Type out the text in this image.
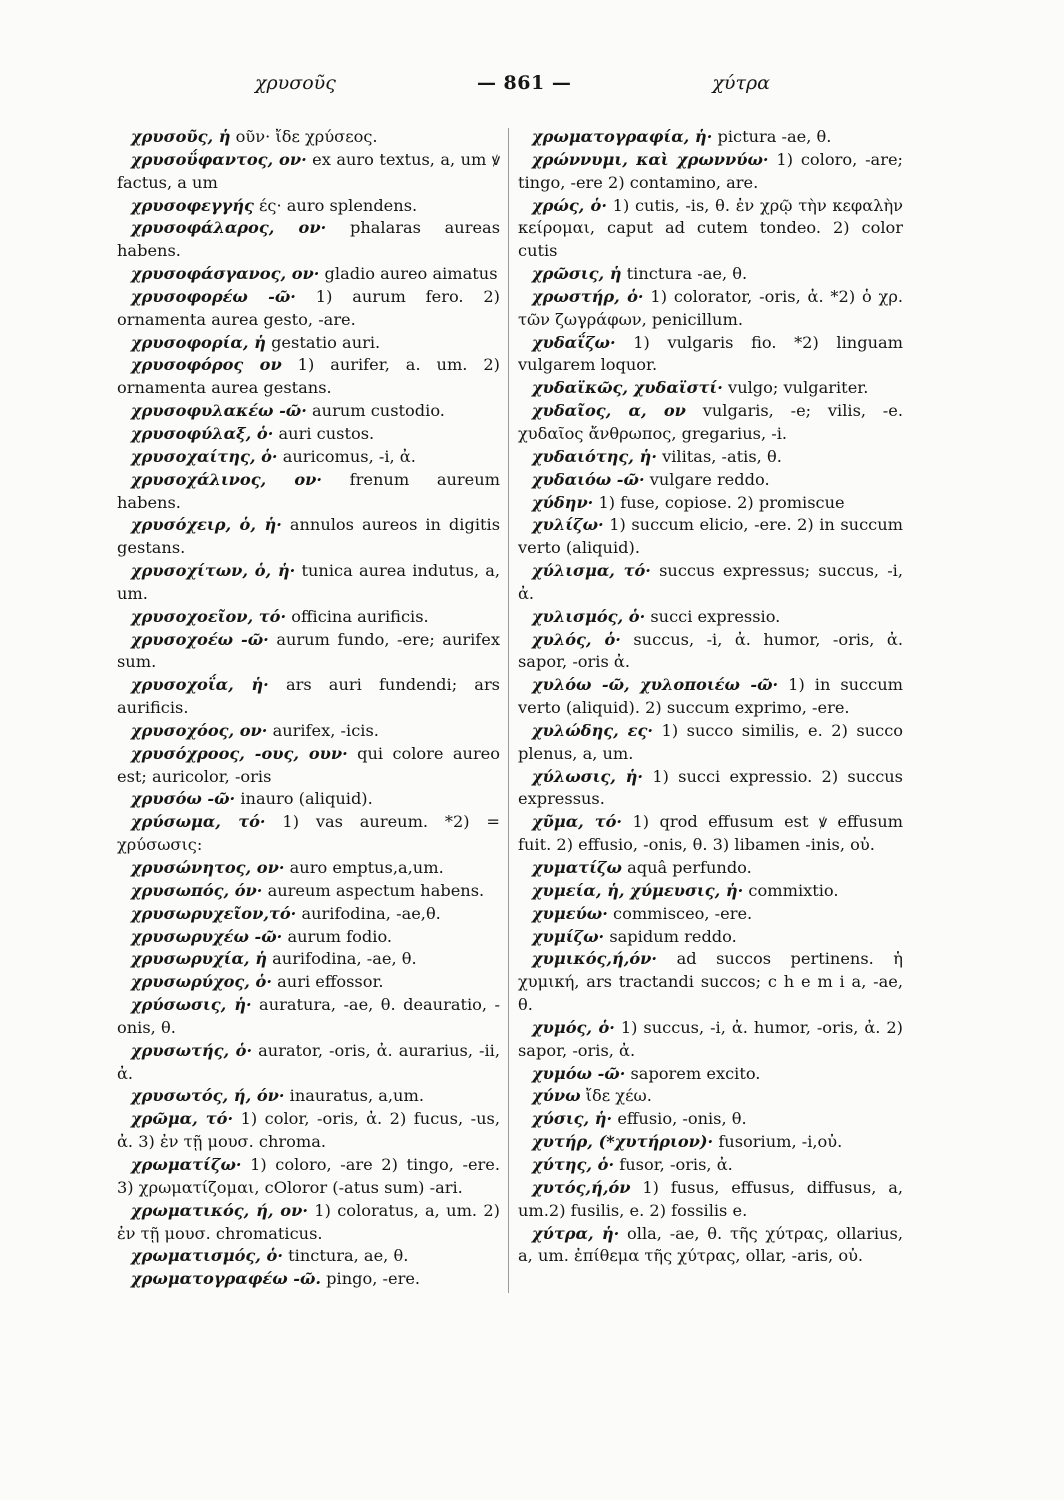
χρυσοῦς	— 861 —	χύτρα

χρυσοῦς, ἡ οῦν· ἴδε χρύσεος.

χρυσοΰφαντος, ον· ex auro textus, a, um ꝟ factus, a um

χρυσοφεγγής ές· auro splendens.

χρυσοφάλαρος, ον· phalaras aureas habens.

χρυσοφάσγανος, ον· gladio aureo aimatus

χρυσοφορέω -ῶ· 1) aurum fero. 2) ornamenta aurea gesto, -are.

χρυσοφορία, ἡ gestatio auri.

χρυσοφόρος ον 1) aurifer, a. um. 2) ornamenta aurea gestans.

χρυσοφυλακέω -ῶ· aurum custodio.

χρυσοφύλαξ, ὁ· auri custos.

χρυσοχαίτης, ὁ· auricomus, -i, ἀ.

χρυσοχάλινος, ον· frenum aureum habens.

χρυσόχειρ, ὁ, ἡ· annulos aureos in digitis gestans.

χρυσοχίτων, ὁ, ἡ· tunica aurea indutus, a, um.

χρυσοχοεῖον, τό· officina aurificis.

χρυσοχοέω -ῶ· aurum fundo, -ere; aurifex sum.

χρυσοχοΐα, ἡ· ars auri fundendi; ars aurificis.

χρυσοχόος, ον· aurifex, -icis.

χρυσόχροος, -ους, ουν· qui colore aureo est; auricolor, -oris

χρυσόω -ῶ· inauro (aliquid).

χρύσωμα, τό· 1) vas aureum. *2) = χρύσωσις:

χρυσώνητος, ον· auro emptus,a,um.

χρυσωπός, όν· aureum aspectum habens.

χρυσωρυχεῖον,τό· aurifodina, -ae,θ.

χρυσωρυχέω -ῶ· aurum fodio.

χρυσωρυχία, ἡ aurifodina, -ae, θ.

χρυσωρύχος, ὁ· auri effossor.

χρύσωσις, ἡ· auratura, -ae, θ. deauratio, -onis, θ.

χρυσωτής, ὁ· aurator, -oris, ἀ. aurarius, -ii, ἀ.

χρυσωτός, ή, όν· inauratus, a,um.

χρῶμα, τό· 1) color, -oris, ἀ. 2) fucus, -us, ἀ. 3) ἐν τῇ μουσ. chroma.

χρωματίζω· 1) coloro, -are 2) tingo, -ere. 3) χρωματίζομαι, cOloror (-atus sum) -ari.

χρωματικός, ή, ον· 1) coloratus, a, um. 2) ἐν τῇ μουσ. chromaticus.

χρωματισμός, ὁ· tinctura, ae, θ.

χρωματογραφέω -ῶ. pingo, -ere.

χρωματογραφία, ἡ· pictura -ae, θ.

χρώννυμι, καὶ χρωννύω· 1) coloro, -are; tingo, -ere 2) contamino, are.

χρώς, ὁ· 1) cutis, -is, θ. ἐν χρῷ τὴν κεφαλὴν κείρομαι, caput ad cutem tondeo. 2) color cutis

χρῶσις, ἡ tinctura -ae, θ.

χρωστήρ, ὁ· 1) colorator, -oris, ἀ. *2) ὁ χρ. τῶν ζωγράφων, penicillum.

χυδαΐζω· 1) vulgaris fio. *2) linguam vulgarem loquor.

χυδαϊκῶς, χυδαϊστί· vulgo; vulgariter.

χυδαῖος, α, ον vulgaris, -e; vilis, -e. χυδαῖος ἄνθρωπος, gregarius, -i.

χυδαιότης, ἡ· vilitas, -atis, θ.

χυδαιόω -ῶ· vulgare reddo.

χύδην· 1) fuse, copiose. 2) promiscue

χυλίζω· 1) succum elicio, -ere. 2) in succum verto (aliquid).

χύλισμα, τό· succus expressus; succus, -i, ἀ.

χυλισμός, ὁ· succi expressio.

χυλός, ὁ· succus, -i, ἀ. humor, -oris, ἀ. sapor, -oris ἀ.

χυλόω -ῶ, χυλοποιέω -ῶ· 1) in succum verto (aliquid). 2) succum exprimo, -ere.

χυλώδης, ες· 1) succo similis, e. 2) succo plenus, a, um.

χύλωσις, ἡ· 1) succi expressio. 2) succus expressus.

χῦμα, τό· 1) qrod effusum est ꝟ effusum fuit. 2) effusio, -onis, θ. 3) libamen -inis, οὐ.

χυματίζω aquâ perfundo.

χυμεία, ἡ, χύμευσις, ἡ· commixtio.

χυμεύω· commisceo, -ere.

χυμίζω· sapidum reddo.

χυμικός,ή,όν· ad succos pertinens. ἡ χυμική, ars tractandi succos; c h e m i a, -ae, θ.

χυμός, ὁ· 1) succus, -i, ἀ. humor, -oris, ἀ. 2) sapor, -oris, ἀ.

χυμόω -ῶ· saporem excito.

χύνω ἴδε χέω.

χύσις, ἡ· effusio, -onis, θ.

χυτήρ, (*χυτήριον)· fusorium, -i,οὐ.

χύτης, ὁ· fusor, -oris, ἀ.

χυτός,ή,όν 1) fusus, effusus, diffusus, a, um.2) fusilis, e. 2) fossilis e.

χύτρα, ἡ· olla, -ae, θ. τῆς χύτρας, ollarius, a, um. ἐπίθεμα τῆς χύτρας, ollar, -aris, οὐ.
